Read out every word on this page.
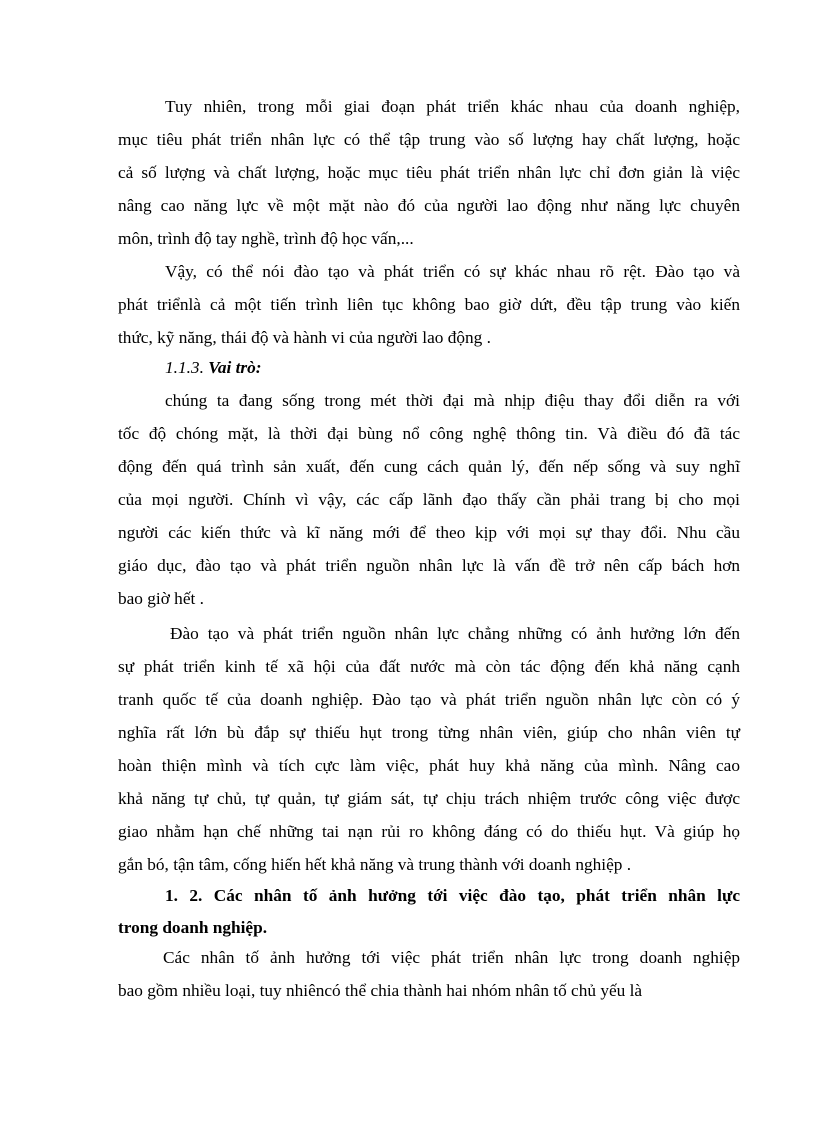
Tuy nhiên, trong mỗi giai đoạn phát triển khác nhau của doanh nghiệp,
mục tiêu phát triển nhân lực có thể tập trung vào số lượng hay chất lượng, hoặc
cả số lượng và chất lượng, hoặc mục tiêu phát triển nhân lực chỉ đơn giản là việc
nâng cao năng lực về một mặt nào đó của người lao động như năng lực chuyên
môn, trình độ tay nghề, trình độ học vấn,...
Vậy, có thể nói đào tạo và phát triển có sự khác nhau rõ rệt. Đào tạo và
phát triểnlà cả một tiến trình liên tục không bao giờ dứt, đều tập trung vào kiến
thức, kỹ năng, thái độ và hành vi của người lao động .
1.1.3. Vai trò:
chúng ta đang sống trong mét thời đại mà nhịp điệu thay đổi diễn ra với
tốc độ chóng mặt, là thời đại bùng nổ công nghệ thông tin. Và điều đó đã tác
động đến quá trình sản xuất, đến cung cách quản lý, đến nếp sống và suy nghĩ
của mọi người. Chính vì vậy, các cấp lãnh đạo thấy cần phải trang bị cho mọi
người các kiến thức và kĩ năng mới để theo kịp với mọi sự thay đổi. Nhu cầu
giáo dục, đào tạo và phát triển nguồn nhân lực là vấn đề trở nên cấp bách hơn
bao giờ hết .
Đào tạo và phát triển nguồn nhân lực chẳng những có ảnh hưởng lớn đến
sự phát triển kinh tế xã hội của đất nước mà còn tác động đến khả năng cạnh
tranh quốc tế của doanh nghiệp. Đào tạo và phát triển nguồn nhân lực còn có ý
nghĩa rất lớn bù đắp sự thiếu hụt trong từng nhân viên, giúp cho nhân viên tự
hoàn thiện mình và tích cực làm việc, phát huy khả năng của mình. Nâng cao
khả năng tự chủ, tự quản, tự giám sát, tự chịu trách nhiệm trước công việc được
giao nhằm hạn chế những tai nạn rủi ro không đáng có do thiếu hụt. Và giúp họ
gắn bó, tận tâm, cống hiến hết khả năng và trung thành với doanh nghiệp .
1. 2. Các nhân tố ảnh hưởng tới việc đào tạo, phát triển nhân lực
trong doanh nghiệp.
Các nhân tố ảnh hưởng tới việc phát triển nhân lực trong doanh nghiệp
bao gồm nhiều loại, tuy nhiêncó thể chia thành hai nhóm nhân tố chủ yếu là
